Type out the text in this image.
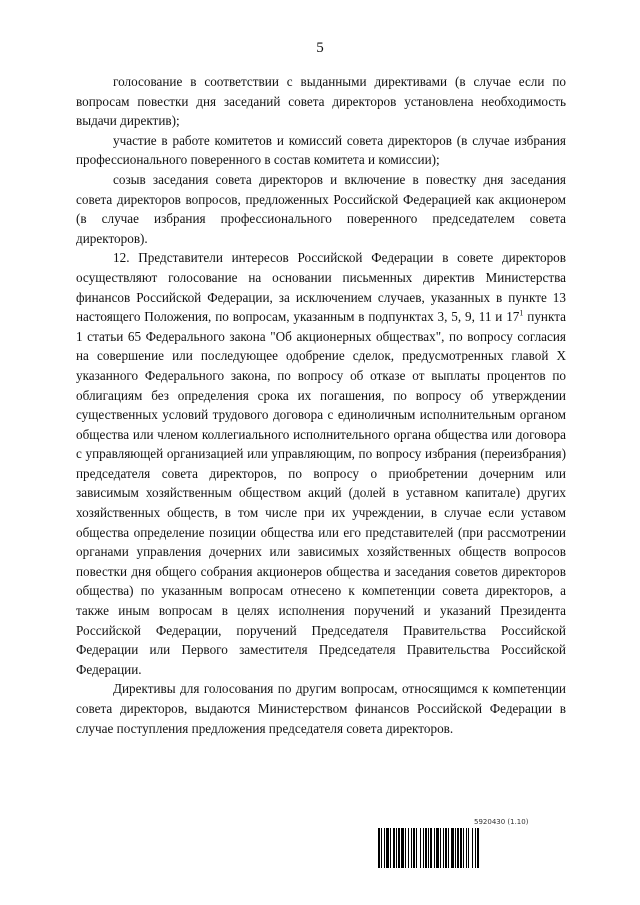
5

голосование в соответствии с выданными директивами (в случае если по вопросам повестки дня заседаний совета директоров установлена необходимость выдачи директив);

участие в работе комитетов и комиссий совета директоров (в случае избрания профессионального поверенного в состав комитета и комиссии);

созыв заседания совета директоров и включение в повестку дня заседания совета директоров вопросов, предложенных Российской Федерацией как акционером (в случае избрания профессионального поверенного председателем совета директоров).

12. Представители интересов Российской Федерации в совете директоров осуществляют голосование на основании письменных директив Министерства финансов Российской Федерации, за исключением случаев, указанных в пункте 13 настоящего Положения, по вопросам, указанным в подпунктах 3, 5, 9, 11 и $17^1$ пункта 1 статьи 65 Федерального закона "Об акционерных обществах", по вопросу согласия на совершение или последующее одобрение сделок, предусмотренных главой X указанного Федерального закона, по вопросу об отказе от выплаты процентов по облигациям без определения срока их погашения, по вопросу об утверждении существенных условий трудового договора с единоличным исполнительным органом общества или членом коллегиального исполнительного органа общества или договора с управляющей организацией или управляющим, по вопросу избрания (переизбрания) председателя совета директоров, по вопросу о приобретении дочерним или зависимым хозяйственным обществом акций (долей в уставном капитале) других хозяйственных обществ, в том числе при их учреждении, в случае если уставом общества определение позиции общества или его представителей (при рассмотрении органами управления дочерних или зависимых хозяйственных обществ вопросов повестки дня общего собрания акционеров общества и заседания советов директоров общества) по указанным вопросам отнесено к компетенции совета директоров, а также иным вопросам в целях исполнения поручений и указаний Президента Российской Федерации, поручений Председателя Правительства Российской Федерации или Первого заместителя Председателя Правительства Российской Федерации.

Директивы для голосования по другим вопросам, относящимся к компетенции совета директоров, выдаются Министерством финансов Российской Федерации в случае поступления предложения председателя совета директоров.

5920430 (1.10)
